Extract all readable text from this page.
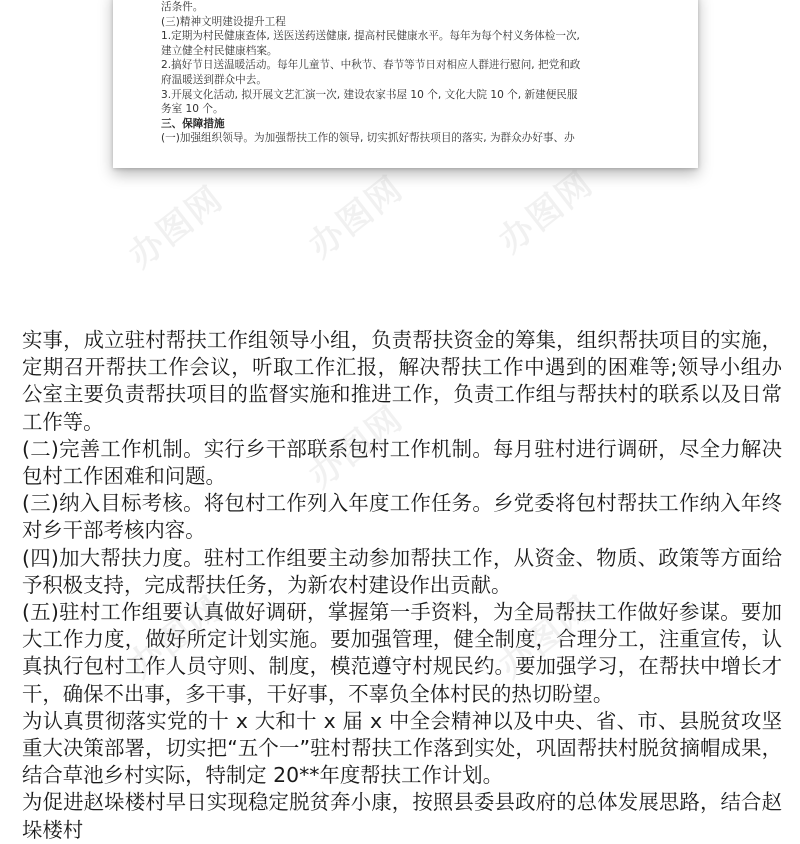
活条件。

(三)精神文明建设提升工程

1.定期为村民健康查体, 送医送药送健康, 提高村民健康水平。每年为每个村义务体检一次,

建立健全村民健康档案。

2.搞好节日送温暖活动。每年儿童节、中秋节、春节等节日对相应人群进行慰问, 把党和政

府温暖送到群众中去。

3.开展文化活动, 拟开展文艺汇演一次, 建设农家书屋 10 个, 文化大院 10 个, 新建便民服

务室 10 个。

三、保障措施

(一)加强组织领导。为加强帮扶工作的领导, 切实抓好帮扶项目的落实, 为群众办好事、办

办图网
办图网
办图网

实事，成立驻村帮扶工作组领导小组，负责帮扶资金的筹集，组织帮扶项目的实施，定期召开帮扶工作会议，听取工作汇报，解决帮扶工作中遇到的困难等;领导小组办公室主要负责帮扶项目的监督实施和推进工作，负责工作组与帮扶村的联系以及日常工作等。

(二)完善工作机制。实行乡干部联系包村工作机制。每月驻村进行调研，尽全力解决包村工作困难和问题。

(三)纳入目标考核。将包村工作列入年度工作任务。乡党委将包村帮扶工作纳入年终对乡干部考核内容。

(四)加大帮扶力度。驻村工作组要主动参加帮扶工作，从资金、物质、政策等方面给予积极支持，完成帮扶任务，为新农村建设作出贡献。

(五)驻村工作组要认真做好调研，掌握第一手资料，为全局帮扶工作做好参谋。要加大工作力度，做好所定计划实施。要加强管理，健全制度，合理分工，注重宣传，认真执行包村工作人员守则、制度，模范遵守村规民约。要加强学习，在帮扶中增长才干，确保不出事，多干事，干好事，不辜负全体村民的热切盼望。

为认真贯彻落实党的十 x 大和十 x 届 x 中全会精神以及中央、省、市、县脱贫攻坚重大决策部署，切实把“五个一”驻村帮扶工作落到实处，巩固帮扶村脱贫摘帽成果，结合草池乡村实际，特制定 20**年度帮扶工作计划。

为促进赵垛楼村早日实现稳定脱贫奔小康，按照县委县政府的总体发展思路，结合赵垛楼村
